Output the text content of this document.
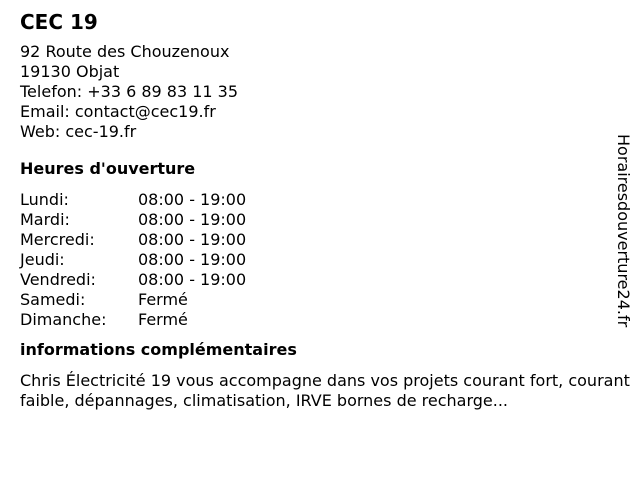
CEC 19
92 Route des Chouzenoux
19130 Objat
Telefon: +33 6 89 83 11 35
Email: contact@cec19.fr
Web: cec-19.fr
Heures d'ouverture
Lundi:	08:00 - 19:00
Mardi:	08:00 - 19:00
Mercredi:	08:00 - 19:00
Jeudi:	08:00 - 19:00
Vendredi:	08:00 - 19:00
Samedi:	Fermé
Dimanche:	Fermé
informations complémentaires
Chris Électricité 19 vous accompagne dans vos projets courant fort, courant faible, dépannages, climatisation, IRVE bornes de recharge...
Horairesdouverture24.fr
